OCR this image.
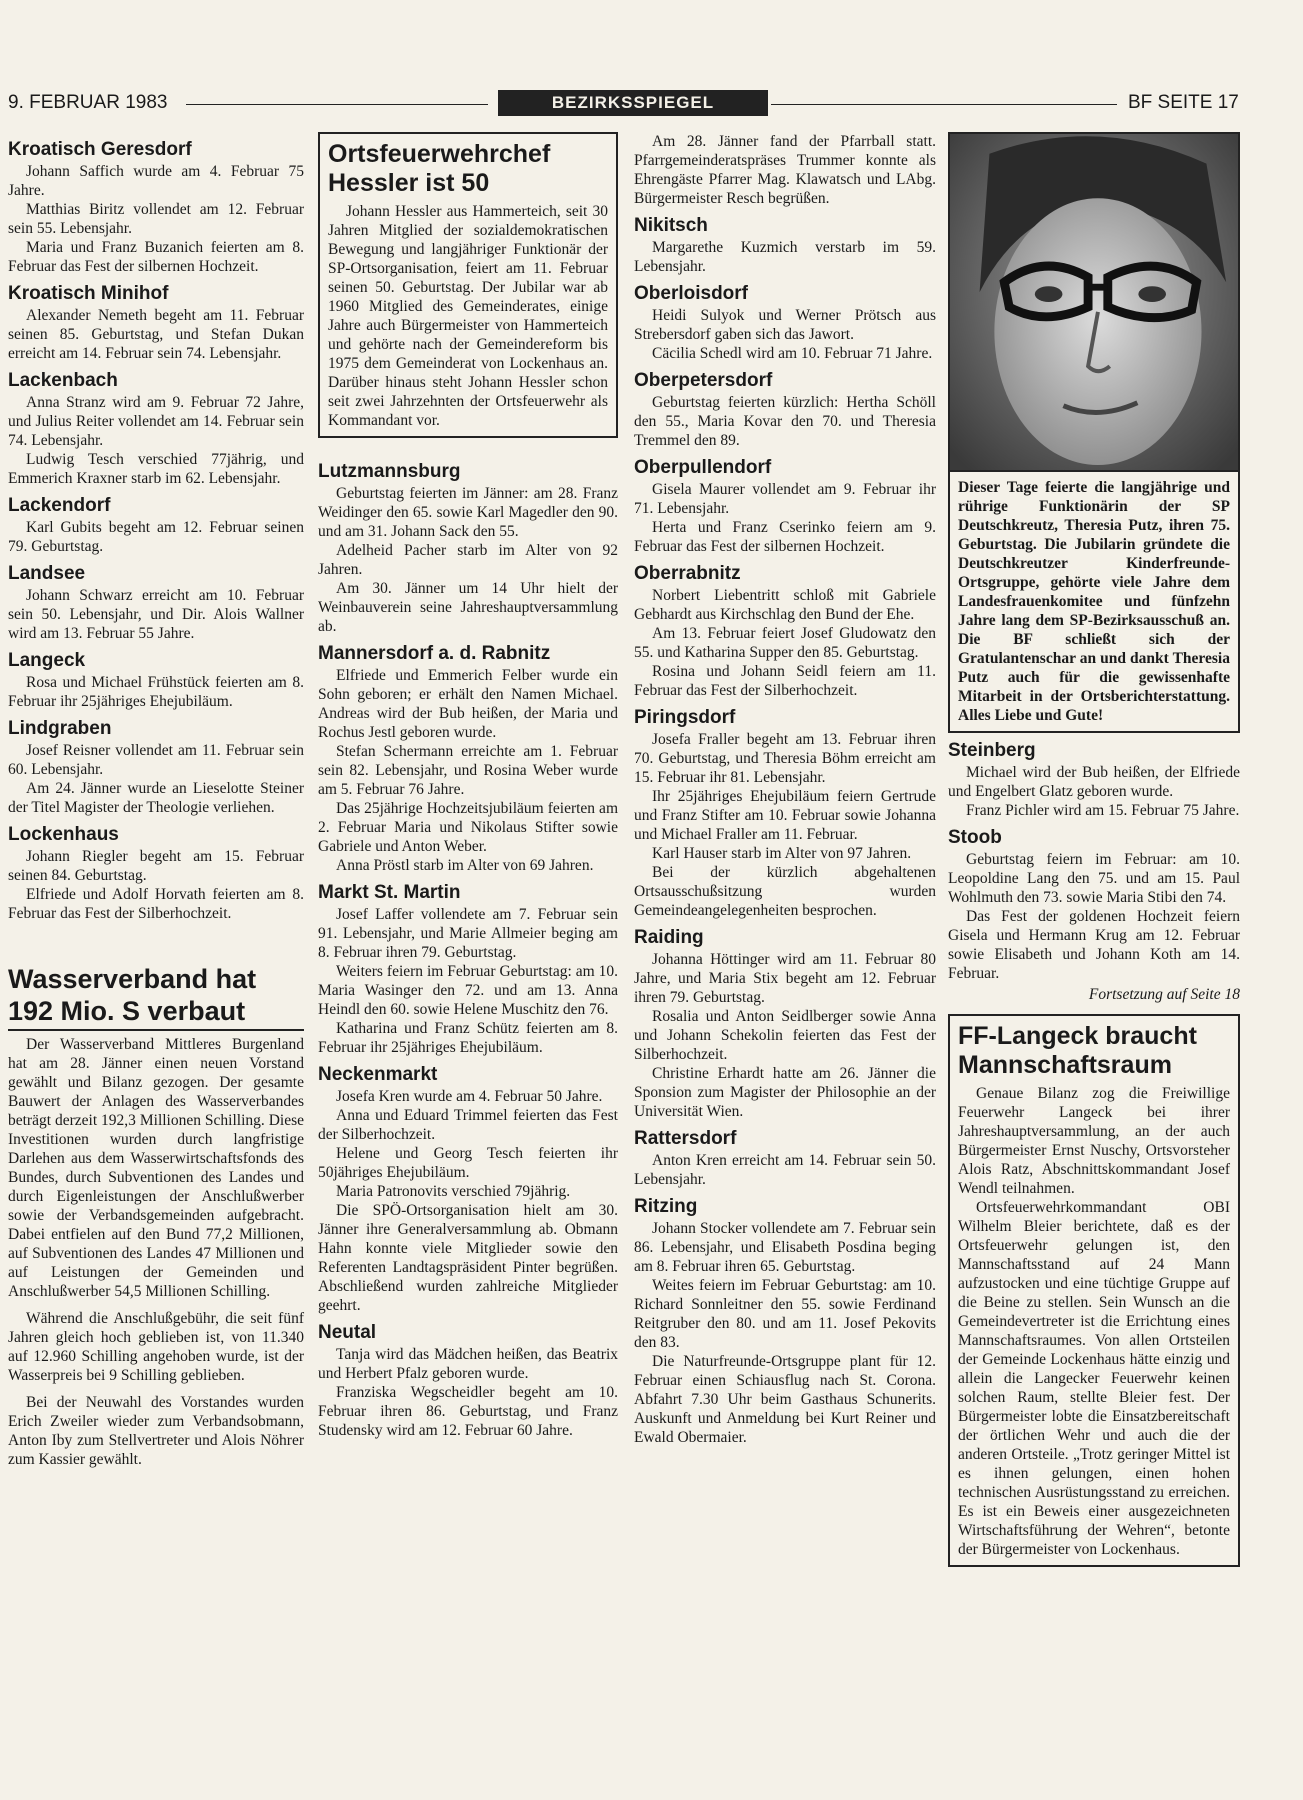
9. FEBRUAR 1983	BEZIRKSSPIEGEL	BF SEITE 17
Kroatisch Geresdorf

Johann Saffich wurde am 4. Februar 75 Jahre.

Matthias Biritz vollendet am 12. Februar sein 55. Lebensjahr.

Maria und Franz Buzanich feierten am 8. Februar das Fest der silbernen Hochzeit.

Kroatisch Minihof

Alexander Nemeth begeht am 11. Februar seinen 85. Geburtstag, und Stefan Dukan erreicht am 14. Februar sein 74. Lebensjahr.

Lackenbach

Anna Stranz wird am 9. Februar 72 Jahre, und Julius Reiter vollendet am 14. Februar sein 74. Lebensjahr.

Ludwig Tesch verschied 77jährig, und Emmerich Kraxner starb im 62. Lebensjahr.

Lackendorf

Karl Gubits begeht am 12. Februar seinen 79. Geburtstag.

Landsee

Johann Schwarz erreicht am 10. Februar sein 50. Lebensjahr, und Dir. Alois Wallner wird am 13. Februar 55 Jahre.

Langeck

Rosa und Michael Frühstück feierten am 8. Februar ihr 25jähriges Ehejubiläum.

Lindgraben

Josef Reisner vollendet am 11. Februar sein 60. Lebensjahr.

Am 24. Jänner wurde an Lieselotte Steiner der Titel Magister der Theologie verliehen.

Lockenhaus

Johann Riegler begeht am 15. Februar seinen 84. Geburtstag.

Elfriede und Adolf Horvath feierten am 8. Februar das Fest der Silberhochzeit.

Wasserverband hat 192 Mio. S verbaut

Der Wasserverband Mittleres Burgenland hat am 28. Jänner einen neuen Vorstand gewählt und Bilanz gezogen. Der gesamte Bauwert der Anlagen des Wasserverbandes beträgt derzeit 192,3 Millionen Schilling. Diese Investitionen wurden durch langfristige Darlehen aus dem Wasserwirtschaftsfonds des Bundes, durch Subventionen des Landes und durch Eigenleistungen der Anschlußwerber sowie der Verbandsgemeinden aufgebracht. Dabei entfielen auf den Bund 77,2 Millionen, auf Subventionen des Landes 47 Millionen und auf Leistungen der Gemeinden und Anschlußwerber 54,5 Millionen Schilling.

Während die Anschlußgebühr, die seit fünf Jahren gleich hoch geblieben ist, von 11.340 auf 12.960 Schilling angehoben wurde, ist der Wasserpreis bei 9 Schilling geblieben.

Bei der Neuwahl des Vorstandes wurden Erich Zweiler wieder zum Verbandsobmann, Anton Iby zum Stellvertreter und Alois Nöhrer zum Kassier gewählt.

Ortsfeuerwehrchef Hessler ist 50

Johann Hessler aus Hammerteich, seit 30 Jahren Mitglied der sozialdemokratischen Bewegung und langjähriger Funktionär der SP-Ortsorganisation, feiert am 11. Februar seinen 50. Geburtstag. Der Jubilar war ab 1960 Mitglied des Gemeinderates, einige Jahre auch Bürgermeister von Hammerteich und gehörte nach der Gemeindereform bis 1975 dem Gemeinderat von Lockenhaus an. Darüber hinaus steht Johann Hessler schon seit zwei Jahrzehnten der Ortsfeuerwehr als Kommandant vor.

Lutzmannsburg

Geburtstag feierten im Jänner: am 28. Franz Weidinger den 65. sowie Karl Magedler den 90. und am 31. Johann Sack den 55.

Adelheid Pacher starb im Alter von 92 Jahren.

Am 30. Jänner um 14 Uhr hielt der Weinbauverein seine Jahreshauptversammlung ab.

Mannersdorf a. d. Rabnitz

Elfriede und Emmerich Felber wurde ein Sohn geboren; er erhält den Namen Michael. Andreas wird der Bub heißen, der Maria und Rochus Jestl geboren wurde.

Stefan Schermann erreichte am 1. Februar sein 82. Lebensjahr, und Rosina Weber wurde am 5. Februar 76 Jahre.

Das 25jährige Hochzeitsjubiläum feierten am 2. Februar Maria und Nikolaus Stifter sowie Gabriele und Anton Weber.

Anna Pröstl starb im Alter von 69 Jahren.

Markt St. Martin

Josef Laffer vollendete am 7. Februar sein 91. Lebensjahr, und Marie Allmeier beging am 8. Februar ihren 79. Geburtstag.

Weiters feiern im Februar Geburtstag: am 10. Maria Wasinger den 72. und am 13. Anna Heindl den 60. sowie Helene Muschitz den 76.

Katharina und Franz Schütz feierten am 8. Februar ihr 25jähriges Ehejubiläum.

Neckenmarkt

Josefa Kren wurde am 4. Februar 50 Jahre.

Anna und Eduard Trimmel feierten das Fest der Silberhochzeit.

Helene und Georg Tesch feierten ihr 50jähriges Ehejubiläum.

Maria Patronovits verschied 79jährig.

Die SPÖ-Ortsorganisation hielt am 30. Jänner ihre Generalversammlung ab. Obmann Hahn konnte viele Mitglieder sowie den Referenten Landtagspräsident Pinter begrüßen. Abschließend wurden zahlreiche Mitglieder geehrt.

Neutal

Tanja wird das Mädchen heißen, das Beatrix und Herbert Pfalz geboren wurde.

Franziska Wegscheidler begeht am 10. Februar ihren 86. Geburtstag, und Franz Studensky wird am 12. Februar 60 Jahre.

Am 28. Jänner fand der Pfarrball statt. Pfarrgemeinderatspräses Trummer konnte als Ehrengäste Pfarrer Mag. Klawatsch und LAbg. Bürgermeister Resch begrüßen.

Nikitsch

Margarethe Kuzmich verstarb im 59. Lebensjahr.

Oberloisdorf

Heidi Sulyok und Werner Prötsch aus Strebersdorf gaben sich das Jawort.

Cäcilia Schedl wird am 10. Februar 71 Jahre.

Oberpetersdorf

Geburtstag feierten kürzlich: Hertha Schöll den 55., Maria Kovar den 70. und Theresia Tremmel den 89.

Oberpullendorf

Gisela Maurer vollendet am 9. Februar ihr 71. Lebensjahr.

Herta und Franz Cserinko feiern am 9. Februar das Fest der silbernen Hochzeit.

Oberrabnitz

Norbert Liebentritt schloß mit Gabriele Gebhardt aus Kirchschlag den Bund der Ehe.

Am 13. Februar feiert Josef Gludowatz den 55. und Katharina Supper den 85. Geburtstag.

Rosina und Johann Seidl feiern am 11. Februar das Fest der Silberhochzeit.

Piringsdorf

Josefa Fraller begeht am 13. Februar ihren 70. Geburtstag, und Theresia Böhm erreicht am 15. Februar ihr 81. Lebensjahr.

Ihr 25jähriges Ehejubiläum feiern Gertrude und Franz Stifter am 10. Februar sowie Johanna und Michael Fraller am 11. Februar.

Karl Hauser starb im Alter von 97 Jahren.

Bei der kürzlich abgehaltenen Ortsausschußsitzung wurden Gemeindeangelegenheiten besprochen.

Raiding

Johanna Höttinger wird am 11. Februar 80 Jahre, und Maria Stix begeht am 12. Februar ihren 79. Geburtstag.

Rosalia und Anton Seidlberger sowie Anna und Johann Schekolin feierten das Fest der Silberhochzeit.

Christine Erhardt hatte am 26. Jänner die Sponsion zum Magister der Philosophie an der Universität Wien.

Rattersdorf

Anton Kren erreicht am 14. Februar sein 50. Lebensjahr.

Ritzing

Johann Stocker vollendete am 7. Februar sein 86. Lebensjahr, und Elisabeth Posdina beging am 8. Februar ihren 65. Geburtstag.

Weites feiern im Februar Geburtstag: am 10. Richard Sonnleitner den 55. sowie Ferdinand Reitgruber den 80. und am 11. Josef Pekovits den 83.

Die Naturfreunde-Ortsgruppe plant für 12. Februar einen Schiausflug nach St. Corona. Abfahrt 7.30 Uhr beim Gasthaus Schunerits. Auskunft und Anmeldung bei Kurt Reiner und Ewald Obermaier.

Dieser Tage feierte die langjährige und rührige Funktionärin der SP Deutschkreutz, Theresia Putz, ihren 75. Geburtstag. Die Jubilarin gründete die Deutschkreutzer Kinderfreunde-Ortsgruppe, gehörte viele Jahre dem Landesfrauenkomitee und fünfzehn Jahre lang dem SP-Bezirksausschuß an. Die BF schließt sich der Gratulantenschar an und dankt Theresia Putz auch für die gewissenhafte Mitarbeit in der Ortsberichterstattung. Alles Liebe und Gute!
Steinberg

Michael wird der Bub heißen, der Elfriede und Engelbert Glatz geboren wurde.

Franz Pichler wird am 15. Februar 75 Jahre.

Stoob

Geburtstag feiern im Februar: am 10. Leopoldine Lang den 75. und am 15. Paul Wohlmuth den 73. sowie Maria Stibi den 74.

Das Fest der goldenen Hochzeit feiern Gisela und Hermann Krug am 12. Februar sowie Elisabeth und Johann Koth am 14. Februar.

Fortsetzung auf Seite 18
FF-Langeck braucht Mannschaftsraum

Genaue Bilanz zog die Freiwillige Feuerwehr Langeck bei ihrer Jahreshauptversammlung, an der auch Bürgermeister Ernst Nuschy, Ortsvorsteher Alois Ratz, Abschnittskommandant Josef Wendl teilnahmen.

Ortsfeuerwehrkommandant OBI Wilhelm Bleier berichtete, daß es der Ortsfeuerwehr gelungen ist, den Mannschaftsstand auf 24 Mann aufzustocken und eine tüchtige Gruppe auf die Beine zu stellen. Sein Wunsch an die Gemeindevertreter ist die Errichtung eines Mannschaftsraumes. Von allen Ortsteilen der Gemeinde Lockenhaus hätte einzig und allein die Langecker Feuerwehr keinen solchen Raum, stellte Bleier fest. Der Bürgermeister lobte die Einsatzbereitschaft der örtlichen Wehr und auch die der anderen Ortsteile. „Trotz geringer Mittel ist es ihnen gelungen, einen hohen technischen Ausrüstungsstand zu erreichen. Es ist ein Beweis einer ausgezeichneten Wirtschaftsführung der Wehren“, betonte der Bürgermeister von Lockenhaus.
